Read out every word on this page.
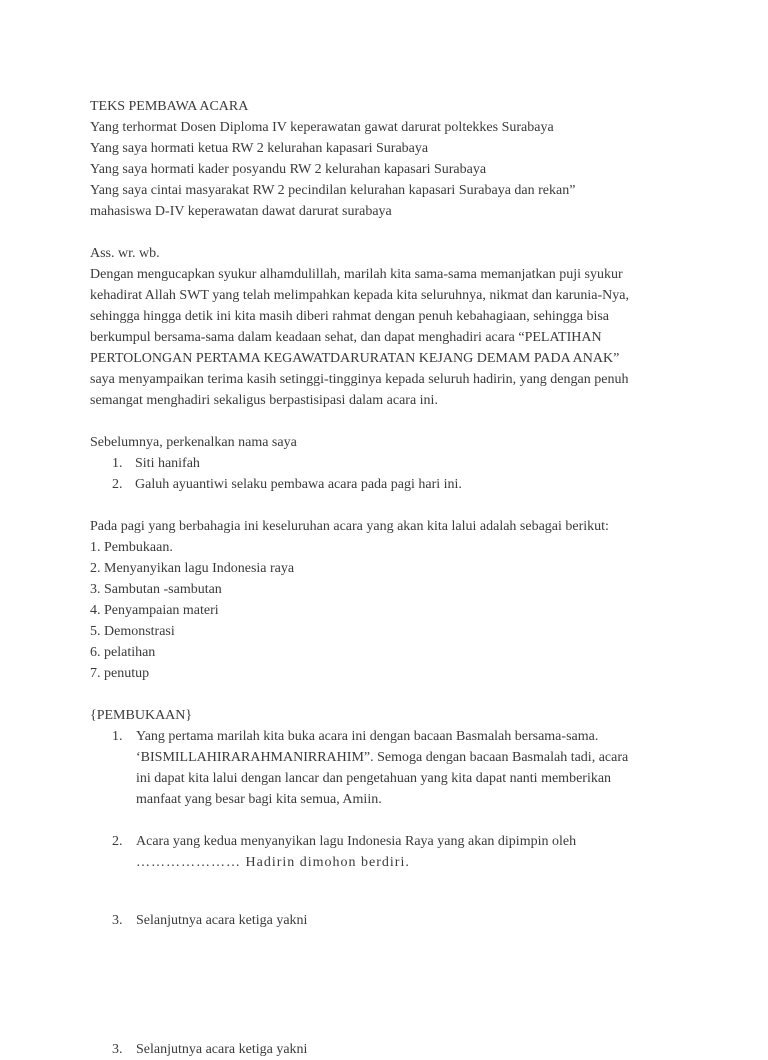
TEKS PEMBAWA ACARA
Yang terhormat Dosen Diploma IV keperawatan gawat darurat poltekkes Surabaya
Yang saya hormati ketua RW 2 kelurahan kapasari Surabaya
Yang saya hormati kader posyandu RW 2 kelurahan kapasari Surabaya
Yang saya cintai masyarakat RW 2 pecindilan kelurahan kapasari Surabaya dan rekan”
mahasiswa D-IV keperawatan dawat darurat surabaya
Ass. wr. wb.
Dengan mengucapkan syukur alhamdulillah, marilah kita sama-sama memanjatkan puji syukur
kehadirat Allah SWT yang telah melimpahkan kepada kita seluruhnya, nikmat dan karunia-Nya,
sehingga hingga detik ini kita masih diberi rahmat dengan penuh kebahagiaan, sehingga bisa
berkumpul bersama-sama dalam keadaan sehat, dan dapat menghadiri acara “PELATIHAN
PERTOLONGAN PERTAMA KEGAWATDARURATAN KEJANG DEMAM PADA ANAK”
saya menyampaikan terima kasih setinggi-tingginya kepada seluruh hadirin, yang dengan penuh
semangat menghadiri sekaligus berpastisipasi dalam acara ini.
Sebelumnya, perkenalkan nama saya
1. Siti hanifah
2. Galuh ayuantiwi selaku pembawa acara pada pagi hari ini.
Pada pagi yang berbahagia ini keseluruhan acara yang akan kita lalui adalah sebagai berikut:
1. Pembukaan.
2. Menyanyikan lagu Indonesia raya
3. Sambutan -sambutan
4. Penyampaian materi
5. Demonstrasi
6. pelatihan
7. penutup
{PEMBUKAAN}
1. Yang pertama marilah kita buka acara ini dengan bacaan Basmalah bersama-sama.
‘BISMILLAHIRARAHMANIRRAHIM”. Semoga dengan bacaan Basmalah tadi, acara
ini dapat kita lalui dengan lancar dan pengetahuan yang kita dapat nanti memberikan
manfaat yang besar bagi kita semua, Amiin.
2. Acara yang kedua menyanyikan lagu Indonesia Raya yang akan dipimpin oleh
………………… Hadirin dimohon berdiri.
3. Selanjutnya acara ketiga yakni
3. Selanjutnya acara ketiga yakni
